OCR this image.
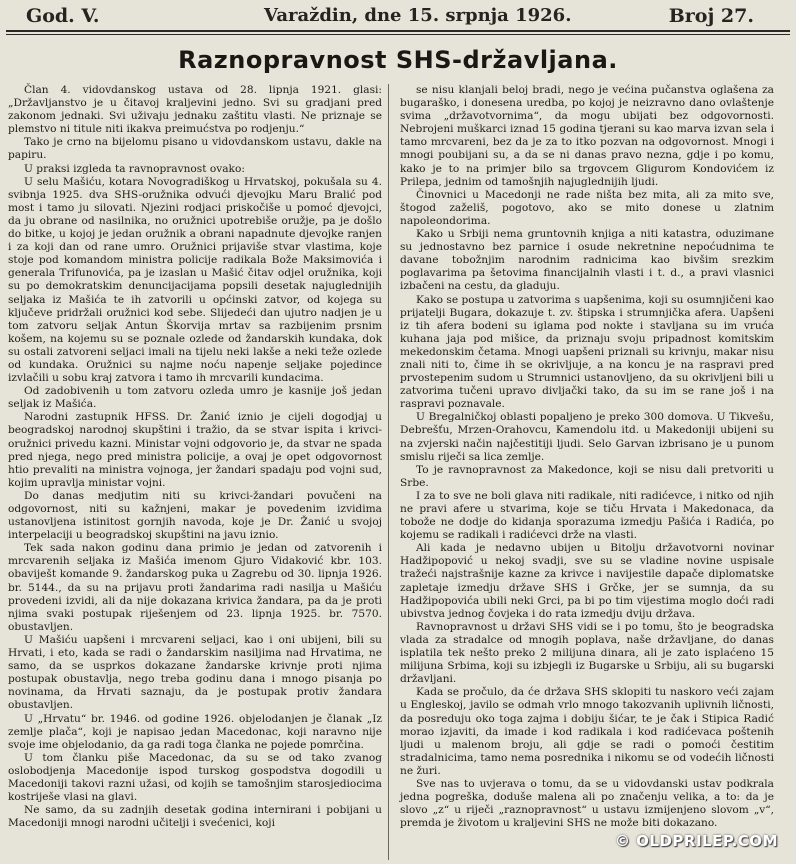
God. V.	Varaždin, dne 15. srpnja 1926.	Broj 27.
Raznopravnost SHS-državljana.

Član 4. vidovdanskog ustava od 28. lipnja 1921. glasi: „Državljanstvo je u čitavoj kraljevini jedno. Svi su gradjani pred zakonom jednaki. Svi uživaju jednaku zaštitu vlasti. Ne priznaje se plemstvo ni titule niti ikakva preimućstva po rodjenju.“

Tako je crno na bijelomu pisano u vidovdanskom ustavu, dakle na papiru.

U praksi izgleda ta ravnopravnost ovako:

U selu Mašiću, kotara Novogradiškog u Hrvatskoj, pokušala su 4. svibnja 1925. dva SHS-oružnika odvući djevojku Maru Bralić pod most i tamo ju silovati. Njezini rodjaci priskočiše u pomoć djevojci, da ju obrane od nasilnika, no oružnici upotrebiše oružje, pa je došlo do bitke, u kojoj je jedan oružnik a obrani napadnute djevojke ranjen i za koji dan od rane umro. Oružnici prijaviše stvar vlastima, koje stoje pod komandom ministra policije radikala Bože Maksimovića i generala Trifunovića, pa je izaslan u Mašić čitav odjel oružnika, koji su po demokratskim denuncijacijama popsili desetak najuglednijih seljaka iz Mašića te ih zatvorili u općinski zatvor, od kojega su ključeve pridržali oružnici kod sebe. Slijedeći dan ujutro nadjen je u tom zatvoru seljak Antun Škorvija mrtav sa razbijenim prsnim košem, na kojemu su se poznale ozlede od žandarskih kundaka, dok su ostali zatvoreni seljaci imali na tijelu neki lakše a neki teže ozlede od kundaka. Oružnici su najme noću napenje seljake pojedince izvlačili u sobu kraj zatvora i tamo ih mrcvarili kundacima.

Od zadobivenih u tom zatvoru ozleda umro je kasnije još jedan seljak iz Mašića.

Narodni zastupnik HFSS. Dr. Žanić iznio je cijeli dogodjaj u beogradskoj narodnoj skupštini i tražio, da se stvar ispita i krivci-oružnici privedu kazni. Ministar vojni odgovorio je, da stvar ne spada pred njega, nego pred ministra policije, a ovaj je opet odgovornost htio prevaliti na ministra vojnoga, jer žandari spadaju pod vojni sud, kojim upravlja ministar vojni.

Do danas medjutim niti su krivci-žandari povučeni na odgovornost, niti su kažnjeni, makar je povedenim izvidima ustanovljena istinitost gornjih navoda, koje je Dr. Žanić u svojoj interpelaciji u beogradskoj skupštini na javu iznio.

Tek sada nakon godinu dana primio je jedan od zatvorenih i mrcvarenih seljaka iz Mašića imenom Gjuro Vidaković kbr. 103. obaviješt komande 9. žandarskog puka u Zagrebu od 30. lipnja 1926. br. 5144., da su na prijavu proti žandarima radi nasilja u Mašiću provedeni izvidi, ali da nije dokazana krivica žandara, pa da je proti njima svaki postupak riješenjem od 23. lipnja 1925. br. 7570. obustavljen.

U Mašiću uapšeni i mrcvareni seljaci, kao i oni ubijeni, bili su Hrvati, i eto, kada se radi o žandarskim nasiljima nad Hrvatima, ne samo, da se usprkos dokazane žandarske krivnje proti njima postupak obustavlja, nego treba godinu dana i mnogo pisanja po novinama, da Hrvati saznaju, da je postupak protiv žandara obustavljen.

U „Hrvatu“ br. 1946. od godine 1926. objelodanjen je članak „Iz zemlje plača“, koji je napisao jedan Macedonac, koji naravno nije svoje ime objelodanio, da ga radi toga članka ne pojede pomrčina.

U tom članku piše Macedonac, da su se od tako zvanog oslobodjenja Macedonije ispod turskog gospodstva dogodili u Macedoniji takovi razni užasi, od kojih se tamošnjim starosjediocima kostriješe vlasi na glavi.

Ne samo, da su zadnjih desetak godina internirani i pobijani u Macedoniji mnogi narodni učitelji i svećenici, koji

se nisu klanjali beloj bradi, nego je većina pučanstva oglašena za bugaraško, i donesena uredba, po kojoj je neizravno dano ovlaštenje svima „državotvornima“, da mogu ubijati bez odgovornosti. Nebrojeni muškarci iznad 15 godina tjerani su kao marva izvan sela i tamo mrcvareni, bez da je za to itko pozvan na odgovornost. Mnogi i mnogi poubijani su, a da se ni danas pravo nezna, gdje i po komu, kako je to na primjer bilo sa trgovcem Gligurom Kondovićem iz Prilepa, jednim od tamošnjih najuglednijih ljudi.

Činovnici u Macedonji ne rade ništa bez mita, ali za mito sve, štogod zaželiš, pogotovo, ako se mito donese u zlatnim napoleondorima.

Kako u Srbiji nema gruntovnih knjiga a niti katastra, oduzimane su jednostavno bez parnice i osude nekretnine nepoćudnima te davane tobožnjim narodnim radnicima kao bivšim srezkim poglavarima pa šetovima financijalnih vlasti i t. d., a pravi vlasnici izbačeni na cestu, da gladuju.

Kako se postupa u zatvorima s uapšenima, koji su osumnjičeni kao prijatelji Bugara, dokazuje t. zv. štipska i strumnjička afera. Uapšeni iz tih afera bodeni su iglama pod nokte i stavljana su im vruća kuhana jaja pod mišice, da priznaju svoju pripadnost komitskim mekedonskim četama. Mnogi uapšeni priznali su krivnju, makar nisu znali niti to, čime ih se okrivljuje, a na koncu je na raspravi pred prvostepenim sudom u Strumnici ustanovljeno, da su okrivljeni bili u zatvorima tučeni upravo divljački tako, da su im se rane još i na raspravi poznavale.

U Bregalničkoj oblasti popaljeno je preko 300 domova. U Tikvešu, Debrešťu, Mrzen-Orahovcu, Kamendolu itd. u Makedoniji ubijeni su na zvjerski način najčestitiji ljudi. Selo Garvan izbrisano je u punom smislu riječi sa lica zemlje.

To je ravnopravnost za Makedonce, koji se nisu dali pretvoriti u Srbe.

I za to sve ne boli glava niti radikale, niti radićevce, i nitko od njih ne pravi afere u stvarima, koje se tiču Hrvata i Makedonaca, da tobože ne dodje do kidanja sporazuma izmedju Pašića i Radića, po kojemu se radikali i radićevci drže na vlasti.

Ali kada je nedavno ubijen u Bitolju državotvorni novinar Hadžipopović u nekoj svadji, sve su se vladine novine uspisale tražeći najstrašnije kazne za krivce i navijestile dapače diplomatske zapletaje izmedju države SHS i Grčke, jer se sumnja, da su Hadžipopovića ubili neki Grci, pa bi po tim vijestima moglo doći radi ubivstva jednog čovjeka i do rata izmedju dviju država.

Ravnopravnost u državi SHS vidi se i po tomu, što je beogradska vlada za stradalce od mnogih poplava, naše državljane, do danas isplatila tek nešto preko 2 milijuna dinara, ali je zato isplaćeno 15 milijuna Srbima, koji su izbjegli iz Bugarske u Srbiju, ali su bugarski državljani.

Kada se pročulo, da će država SHS sklopiti tu naskoro veći zajam u Engleskoj, javilo se odmah vrlo mnogo takozvanih uplivnih ličnosti, da posreduju oko toga zajma i dobiju šićar, te je čak i Stipica Radić morao izjaviti, da imade i kod radikala i kod radićevaca poštenih ljudi u malenom broju, ali gdje se radi o pomoći čestitim stradalnicima, tamo nema posrednika i nikomu se od vodećih ličnosti ne žuri.

Sve nas to uvjerava o tomu, da se u vidovdanski ustav podkrala jedna pogreška, doduše malena ali po značenju velika, a to: da je slovo „z“ u riječi „raznopravnost“ u ustavu izmijenjeno slovom „v“, premda je životom u kraljevini SHS ne može biti dokazano.

© OLDPRILEP.COM
